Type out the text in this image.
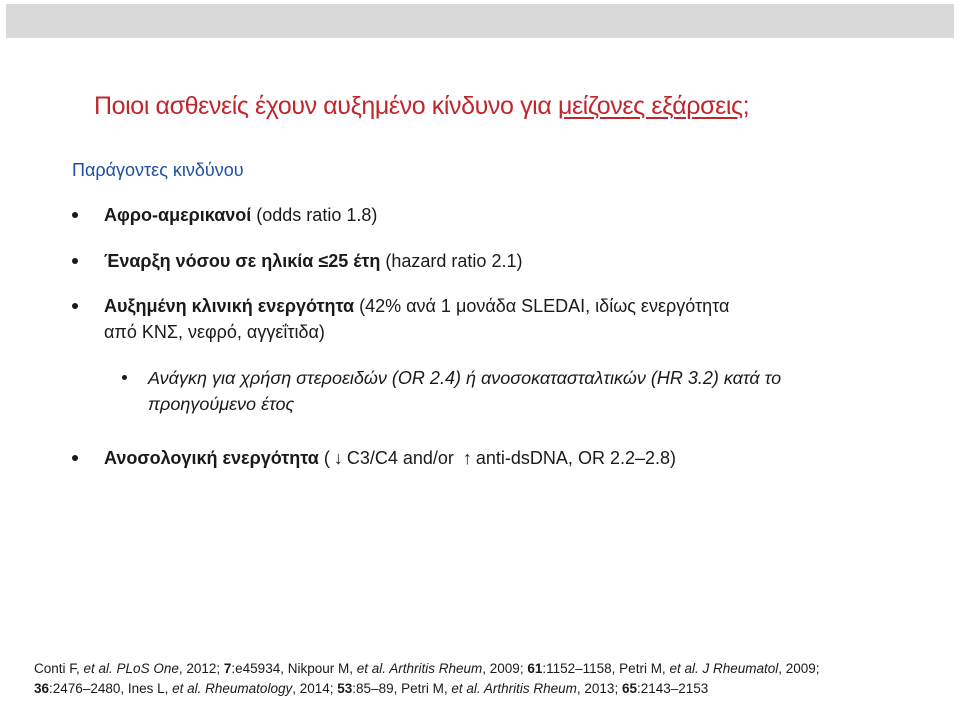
Ποιοι ασθενείς έχουν αυξημένο κίνδυνο για μείζονες εξάρσεις;
Παράγοντες κινδύνου
Αφρο-αμερικανοί (odds ratio 1.8)
Έναρξη νόσου σε ηλικία ≤25 έτη (hazard ratio 2.1)
Αυξημένη κλινική ενεργότητα (42% ανά 1 μονάδα SLEDAI, ιδίως ενεργότητα
από ΚΝΣ, νεφρό, αγγεΐτιδα)
Ανάγκη για χρήση στεροειδών (OR 2.4) ή ανοσοκατασταλτικών (HR 3.2) κατά το
προηγούμενο έτος
Ανοσολογική ενεργότητα ( ↓ C3/C4 and/or ↑ anti-dsDNA, OR 2.2–2.8)
Conti F, et al. PLoS One, 2012; 7:e45934, Nikpour M, et al. Arthritis Rheum, 2009; 61:1152–1158, Petri M, et al. J Rheumatol, 2009;
36:2476–2480, Ines L, et al. Rheumatology, 2014; 53:85–89, Petri M, et al. Arthritis Rheum, 2013; 65:2143–2153
